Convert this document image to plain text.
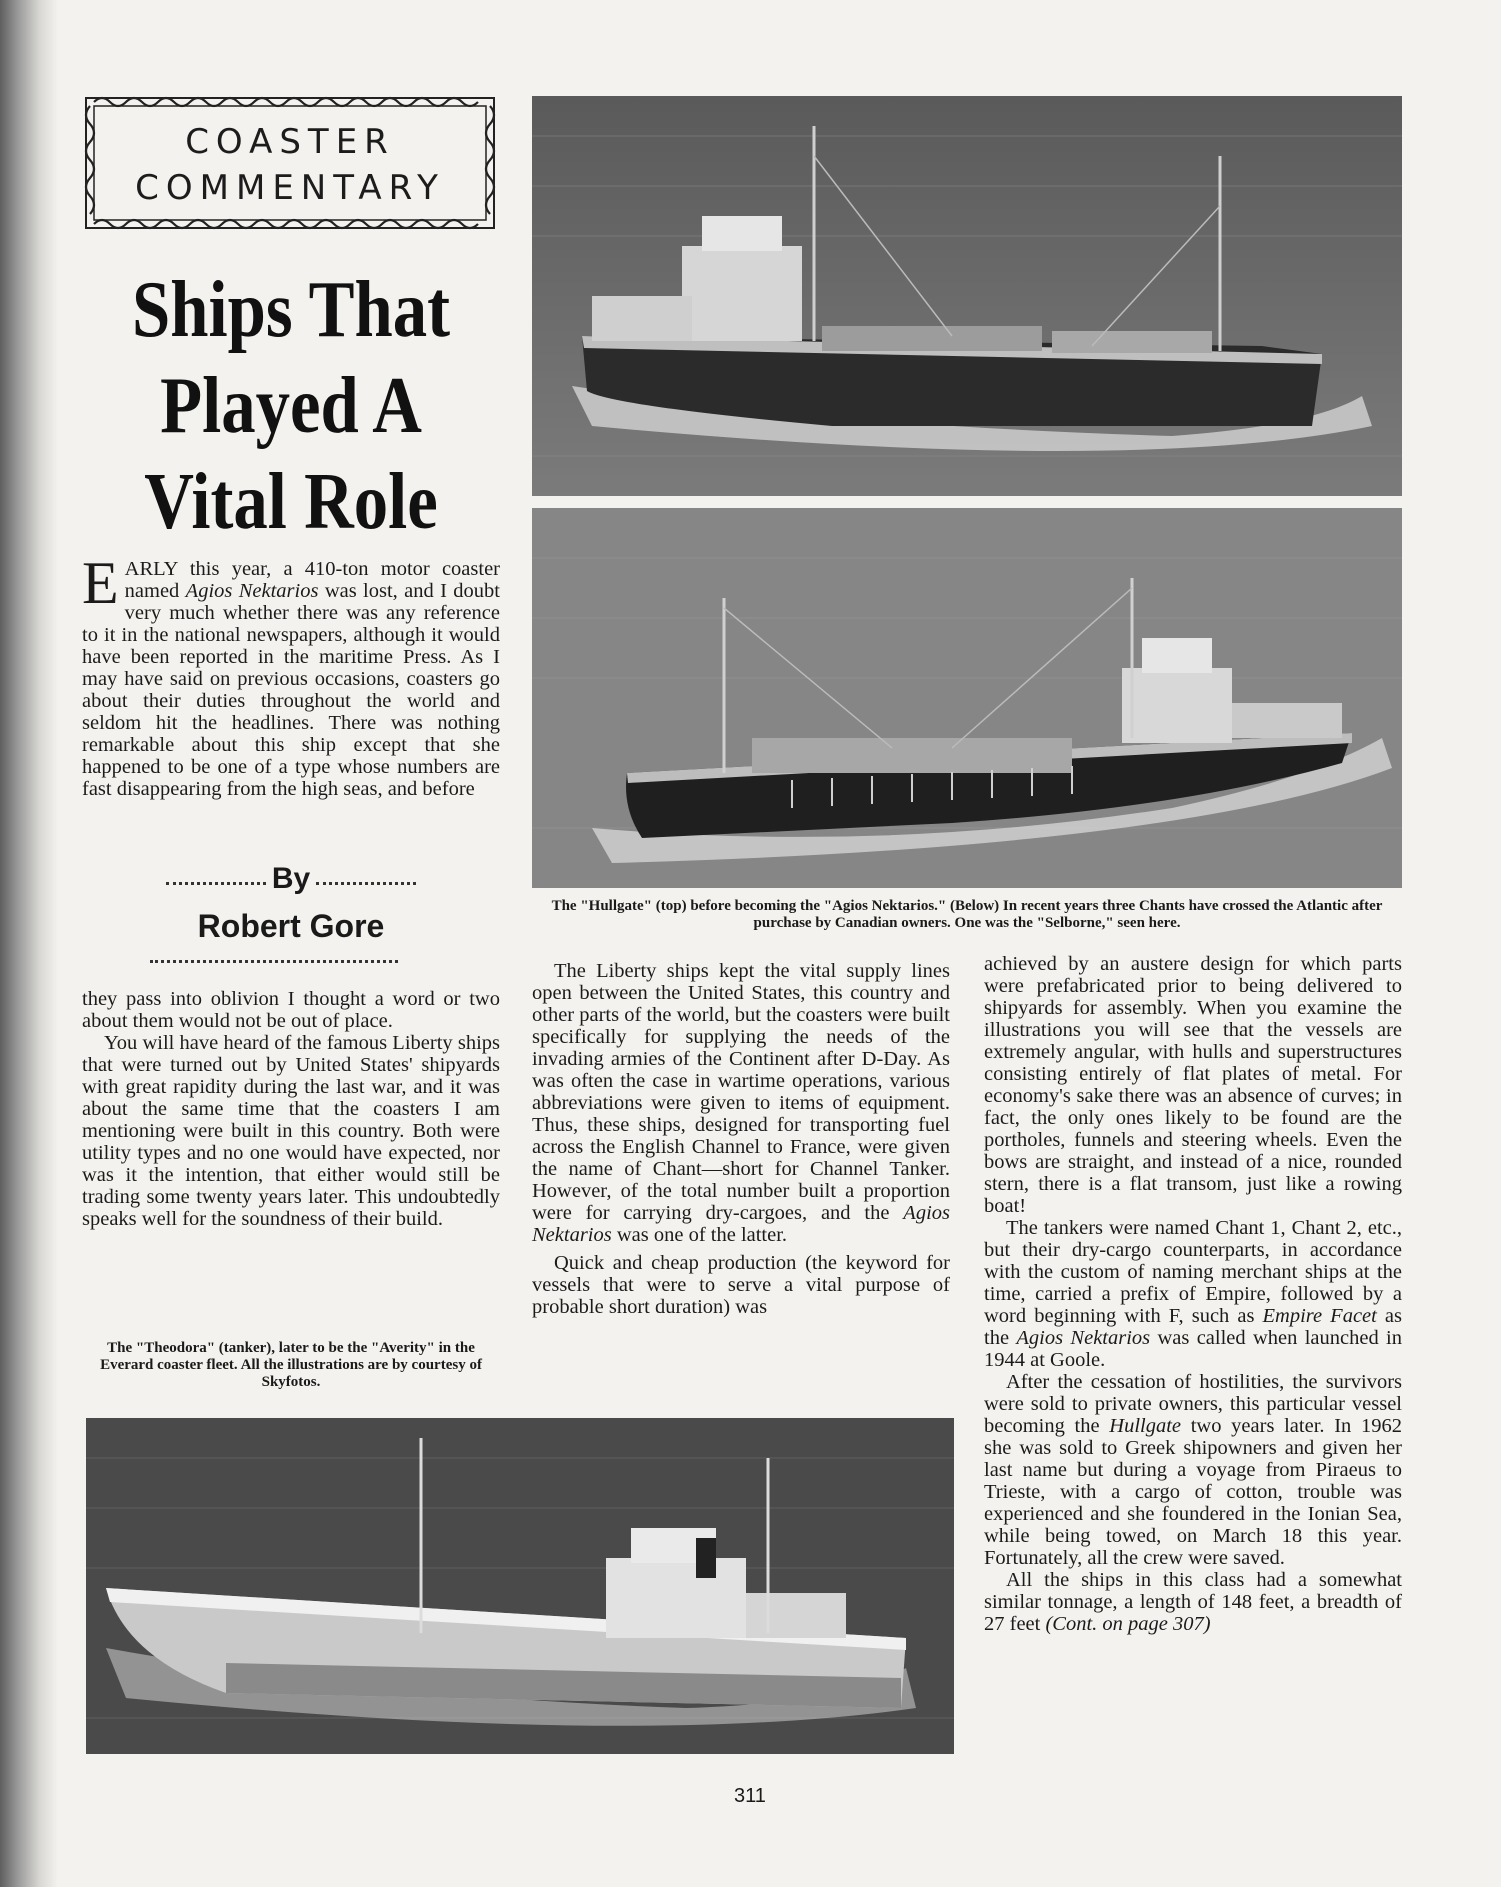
COASTER
COMMENTARY
Ships That
Played A
Vital Role
EARLY this year, a 410-ton motor coaster named Agios Nektarios was lost, and I doubt very much whether there was any reference to it in the national newspapers, although it would have been reported in the maritime Press. As I may have said on previous occasions, coasters go about their duties throughout the world and seldom hit the headlines. There was nothing remarkable about this ship except that she happened to be one of a type whose numbers are fast disappearing from the high seas, and before
By
Robert Gore

they pass into oblivion I thought a word or two about them would not be out of place.

You will have heard of the famous Liberty ships that were turned out by United States' shipyards with great rapidity during the last war, and it was about the same time that the coasters I am mentioning were built in this country. Both were utility types and no one would have expected, nor was it the intention, that either would still be trading some twenty years later. This undoubtedly speaks well for the soundness of their build.

The "Theodora" (tanker), later to be the "Averity" in the Everard coaster fleet. All the illustrations are by courtesy of Skyfotos.
The "Hullgate" (top) before becoming the "Agios Nektarios." (Below) In recent years three Chants have crossed the Atlantic after purchase by Canadian owners. One was the "Selborne," seen here.

The Liberty ships kept the vital supply lines open between the United States, this country and other parts of the world, but the coasters were built specifically for supplying the needs of the invading armies of the Continent after D-Day. As was often the case in wartime operations, various abbreviations were given to items of equipment. Thus, these ships, designed for transporting fuel across the English Channel to France, were given the name of Chant—short for Channel Tanker. However, of the total number built a proportion were for carrying dry-cargoes, and the Agios Nektarios was one of the latter.

Quick and cheap production (the keyword for vessels that were to serve a vital purpose of probable short duration) was

achieved by an austere design for which parts were prefabricated prior to being delivered to shipyards for assembly. When you examine the illustrations you will see that the vessels are extremely angular, with hulls and superstructures consisting entirely of flat plates of metal. For economy's sake there was an absence of curves; in fact, the only ones likely to be found are the portholes, funnels and steering wheels. Even the bows are straight, and instead of a nice, rounded stern, there is a flat transom, just like a rowing boat!

The tankers were named Chant 1, Chant 2, etc., but their dry-cargo counterparts, in accordance with the custom of naming merchant ships at the time, carried a prefix of Empire, followed by a word beginning with F, such as Empire Facet as the Agios Nektarios was called when launched in 1944 at Goole.

After the cessation of hostilities, the survivors were sold to private owners, this particular vessel becoming the Hullgate two years later. In 1962 she was sold to Greek shipowners and given her last name but during a voyage from Piraeus to Trieste, with a cargo of cotton, trouble was experienced and she foundered in the Ionian Sea, while being towed, on March 18 this year. Fortunately, all the crew were saved.

All the ships in this class had a somewhat similar tonnage, a length of 148 feet, a breadth of 27 feet (Cont. on page 307)

311
